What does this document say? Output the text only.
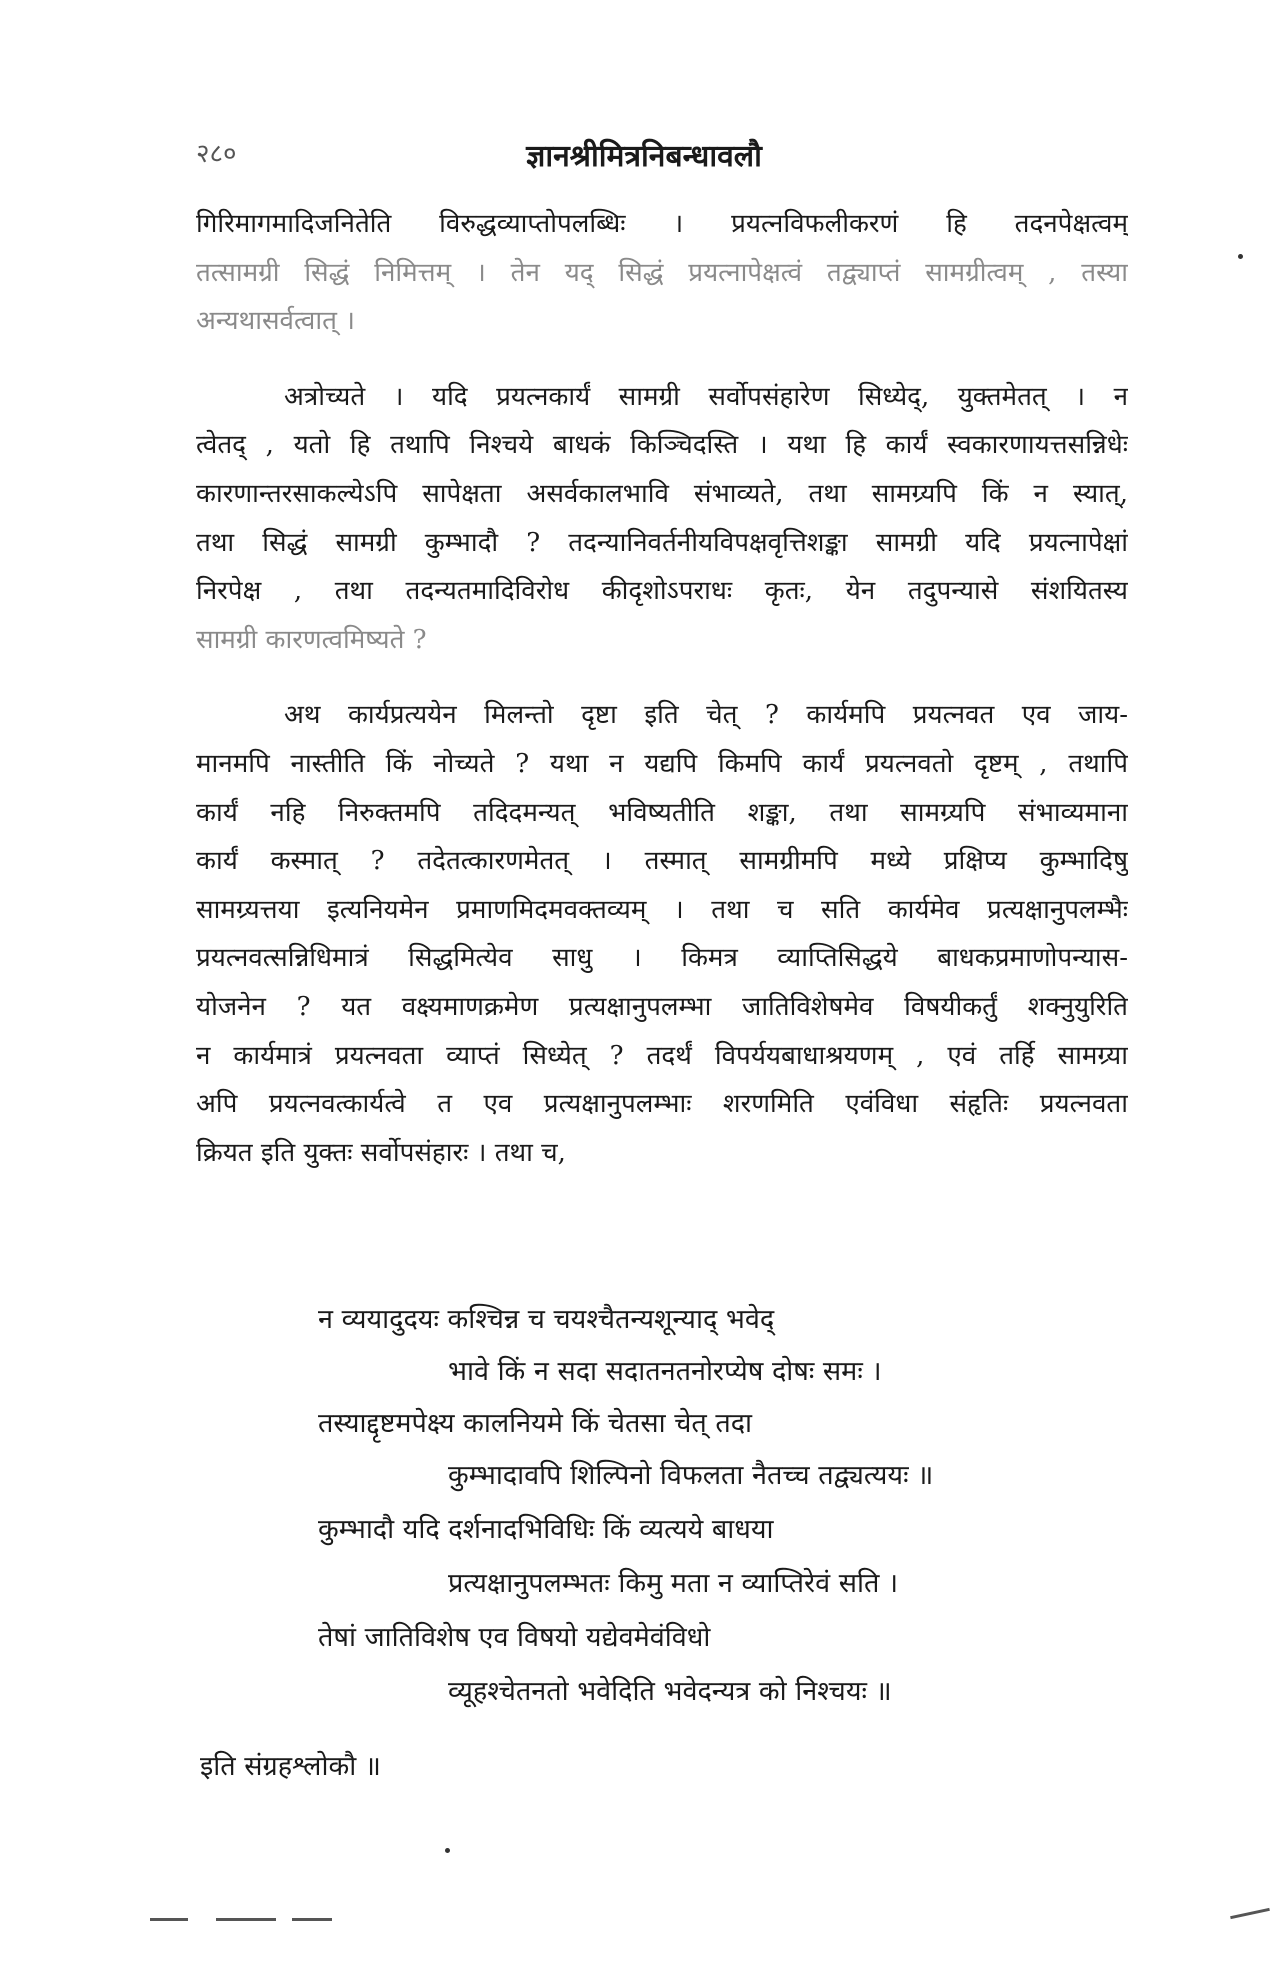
२८०	ज्ञानश्रीमित्रनिबन्धावलौ

गिरिमागमादिजनितेति विरुद्धव्याप्तोपलब्धिः । प्रयत्नविफलीकरणं हि तदनपेक्षत्वम्
तत्सामग्री सिद्धं निमित्तम् । तेन यद् सिद्धं प्रयत्नापेक्षत्वं तद्व्याप्तं सामग्रीत्वम् , तस्या
अन्यथासर्वत्वात् ।

अत्रोच्यते । यदि प्रयत्नकार्यं सामग्री सर्वोपसंहारेण सिध्येद्, युक्तमेतत् । न
त्वेतद् , यतो हि तथापि निश्चये बाधकं किञ्चिदस्ति । यथा हि कार्यं स्वकारणायत्तसन्निधेः
कारणान्तरसाकल्येऽपि सापेक्षता असर्वकालभावि संभाव्यते, तथा सामग्र्यपि किं न स्यात्,
तथा सिद्धं सामग्री कुम्भादौ ? तदन्यानिवर्तनीयविपक्षवृत्तिशङ्का सामग्री यदि प्रयत्नापेक्षां
निरपेक्ष , तथा तदन्यतमादिविरोध कीदृशोऽपराधः कृतः, येन तदुपन्यासे संशयितस्य
सामग्री कारणत्वमिष्यते ?

अथ कार्यप्रत्ययेन मिलन्तो दृष्टा इति चेत् ? कार्यमपि प्रयत्नवत एव जाय-
मानमपि नास्तीति किं नोच्यते ? यथा न यद्यपि किमपि कार्यं प्रयत्नवतो दृष्टम् , तथापि
कार्यं नहि निरुक्तमपि तदिदमन्यत् भविष्यतीति शङ्का, तथा सामग्र्यपि संभाव्यमाना
कार्यं कस्मात् ? तदेतत्कारणमेतत् । तस्मात् सामग्रीमपि मध्ये प्रक्षिप्य कुम्भादिषु
सामग्र्यत्तया इत्यनियमेन प्रमाणमिदमवक्तव्यम् । तथा च सति कार्यमेव प्रत्यक्षानुपलम्भैः
प्रयत्नवत्सन्निधिमात्रं सिद्धमित्येव साधु । किमत्र व्याप्तिसिद्धये बाधकप्रमाणोपन्यास-
योजनेन ? यत वक्ष्यमाणक्रमेण प्रत्यक्षानुपलम्भा जातिविशेषमेव विषयीकर्तुं शक्नुयुरिति
न कार्यमात्रं प्रयत्नवता व्याप्तं सिध्येत् ? तदर्थं विपर्ययबाधाश्रयणम् , एवं तर्हि सामग्र्या
अपि प्रयत्नवत्कार्यत्वे त एव प्रत्यक्षानुपलम्भाः शरणमिति एवंविधा संहृतिः प्रयत्नवता
क्रियत इति युक्तः सर्वोपसंहारः । तथा च,

न व्ययादुदयः कश्चिन्न च चयश्चैतन्यशून्याद् भवेद्
भावे किं न सदा सदातनतनोरप्येष दोषः समः ।
तस्याद्दृष्टमपेक्ष्य कालनियमे किं चेतसा चेत् तदा
कुम्भादावपि शिल्पिनो विफलता नैतच्च तद्व्यत्ययः ॥
कुम्भादौ यदि दर्शनादभिविधिः किं व्यत्यये बाधया
प्रत्यक्षानुपलम्भतः किमु मता न व्याप्तिरेवं सति ।
तेषां जातिविशेष एव विषयो यद्येवमेवंविधो
व्यूहश्चेतनतो भवेदिति भवेदन्यत्र को निश्चयः ॥
इति संग्रहश्लोकौ ॥
